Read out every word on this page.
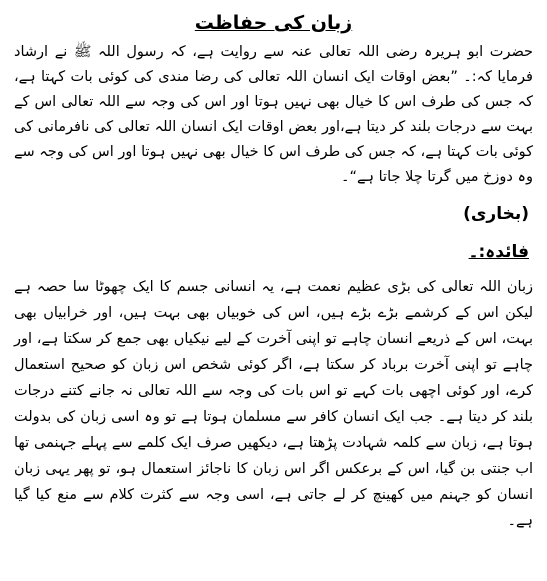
زبان کی حفاظت

حضرت ابو ہریرہ رضی اللہ تعالی عنہ سے روایت ہے، کہ رسول اللہ ﷺ نے ارشاد فرمایا کہ:۔ ”بعض اوقات ایک انسان اللہ تعالی کی رضا مندی کی کوئی بات کہتا ہے، کہ جس کی طرف اس کا خیال بھی نہیں ہوتا اور اس کی وجہ سے اللہ تعالی اس کے بہت سے درجات بلند کر دیتا ہے،اور بعض اوقات ایک انسان اللہ تعالی کی نافرمانی کی کوئی بات کہتا ہے، کہ جس کی طرف اس کا خیال بھی نہیں ہوتا اور اس کی وجہ سے وہ دوزخ میں گرتا چلا جاتا ہے“۔

(بخاری)
فائدہ:۔

زبان اللہ تعالی کی بڑی عظیم نعمت ہے، یہ انسانی جسم کا ایک چھوٹا سا حصہ ہے لیکن اس کے کرشمے بڑے بڑے ہیں، اس کی خوبیاں بھی بہت ہیں، اور خرابیاں بھی بہت، اس کے ذریعے انسان چاہے تو اپنی آخرت کے لیے نیکیاں بھی جمع کر سکتا ہے، اور چاہے تو اپنی آخرت برباد کر سکتا ہے، اگر کوئی شخص اس زبان کو صحیح استعمال کرے، اور کوئی اچھی بات کہے تو اس بات کی وجہ سے اللہ تعالی نہ جانے کتنے درجات بلند کر دیتا ہے۔ جب ایک انسان کافر سے مسلمان ہوتا ہے تو وہ اسی زبان کی بدولت ہوتا ہے، زبان سے کلمہ شہادت پڑھتا ہے، دیکھیں صرف ایک کلمے سے پہلے جہنمی تھا اب جنتی بن گیا، اس کے برعکس اگر اس زبان کا ناجائز استعمال ہو، تو پھر یہی زبان انسان کو جہنم میں کھینچ کر لے جاتی ہے، اسی وجہ سے کثرت کلام سے منع کیا گیا ہے۔
